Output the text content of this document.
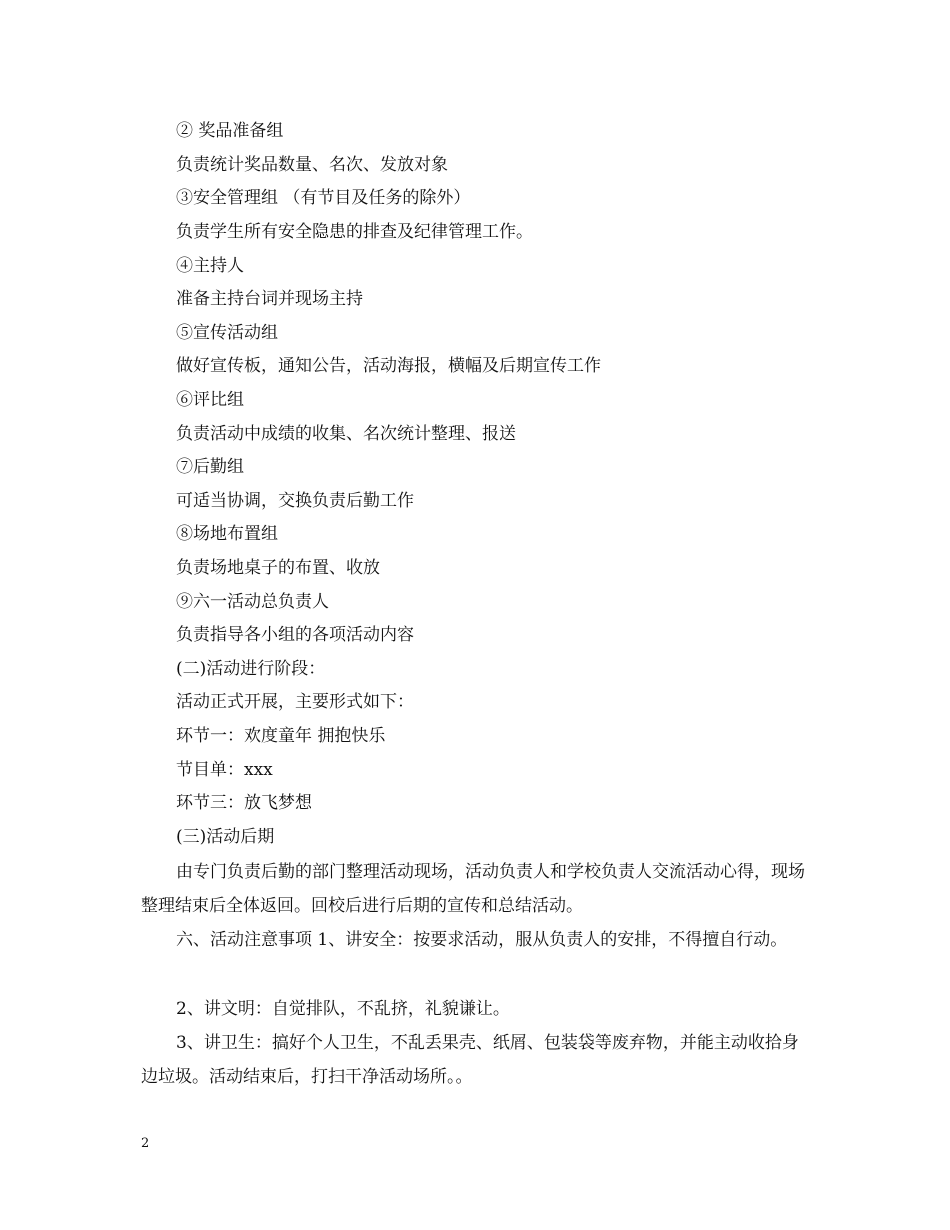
② 奖品准备组
负责统计奖品数量、名次、发放对象
③安全管理组 （有节目及任务的除外）
负责学生所有安全隐患的排查及纪律管理工作。
④主持人
准备主持台词并现场主持
⑤宣传活动组
做好宣传板，通知公告，活动海报，横幅及后期宣传工作
⑥评比组
负责活动中成绩的收集、名次统计整理、报送
⑦后勤组
可适当协调，交换负责后勤工作
⑧场地布置组
负责场地桌子的布置、收放
⑨六一活动总负责人
负责指导各小组的各项活动内容
(二)活动进行阶段：
活动正式开展，主要形式如下：
环节一：欢度童年 拥抱快乐
节目单：xxx
环节三：放飞梦想
(三)活动后期
由专门负责后勤的部门整理活动现场，活动负责人和学校负责人交流活动心得，现场整理结束后全体返回。回校后进行后期的宣传和总结活动。
六、活动注意事项 1、讲安全：按要求活动，服从负责人的安排，不得擅自行动。
2、讲文明：自觉排队，不乱挤，礼貌谦让。
3、讲卫生：搞好个人卫生，不乱丢果壳、纸屑、包装袋等废弃物，并能主动收拾身边垃圾。活动结束后，打扫干净活动场所。。
2
